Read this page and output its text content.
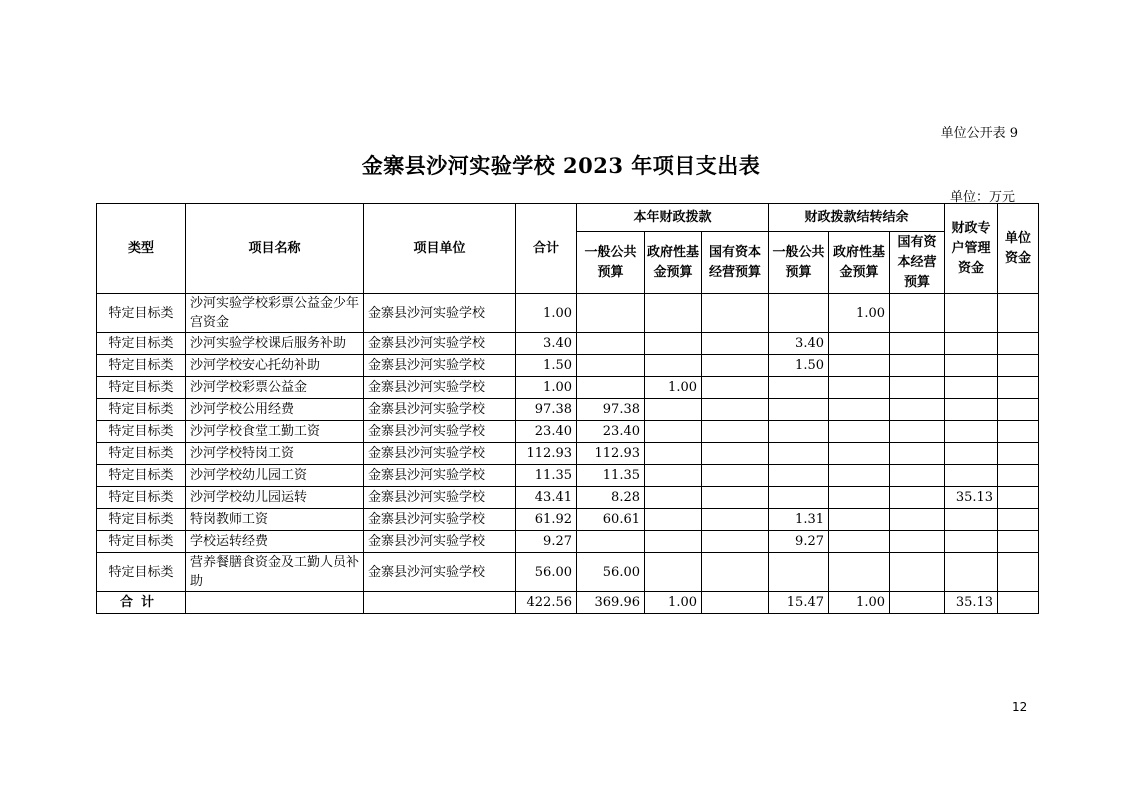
单位公开表 9
金寨县沙河实验学校 2023 年项目支出表
单位：万元
类型	项目名称	项目单位	合计	本年财政拨款			财政拨款结转结余			财政专户管理资金	单位资金
				一般公共预算	政府性基金预算	国有资本经营预算	一般公共预算	政府性基金预算	国有资本经营预算		
特定目标类	沙河实验学校彩票公益金少年宫资金	金寨县沙河实验学校	1.00					1.00			
特定目标类	沙河实验学校课后服务补助	金寨县沙河实验学校	3.40				3.40				
特定目标类	沙河学校安心托幼补助	金寨县沙河实验学校	1.50				1.50				
特定目标类	沙河学校彩票公益金	金寨县沙河实验学校	1.00		1.00						
特定目标类	沙河学校公用经费	金寨县沙河实验学校	97.38	97.38							
特定目标类	沙河学校食堂工勤工资	金寨县沙河实验学校	23.40	23.40							
特定目标类	沙河学校特岗工资	金寨县沙河实验学校	112.93	112.93							
特定目标类	沙河学校幼儿园工资	金寨县沙河实验学校	11.35	11.35							
特定目标类	沙河学校幼儿园运转	金寨县沙河实验学校	43.41	8.28						35.13	
特定目标类	特岗教师工资	金寨县沙河实验学校	61.92	60.61			1.31				
特定目标类	学校运转经费	金寨县沙河实验学校	9.27				9.27				
特定目标类	营养餐膳食资金及工勤人员补助	金寨县沙河实验学校	56.00	56.00							
合计			422.56	369.96	1.00		15.47	1.00		35.13	
12
